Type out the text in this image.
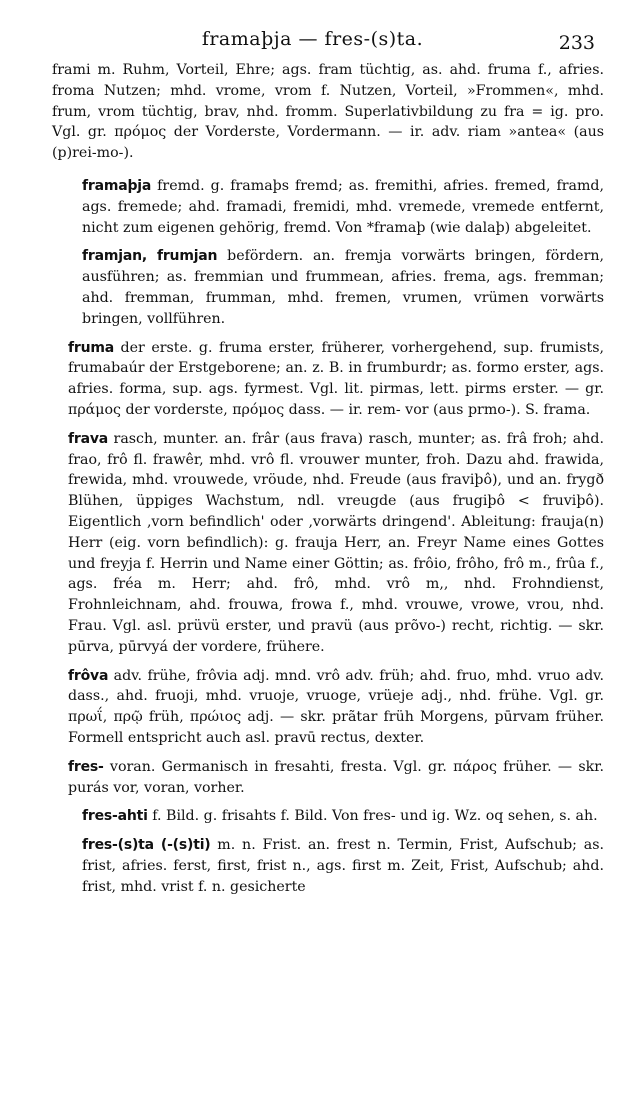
framaþja — fres-(s)ta.	233

frami m. Ruhm, Vorteil, Ehre; ags. fram tüchtig, as. ahd. fruma f., afries. froma Nutzen; mhd. vrome, vrom f. Nutzen, Vorteil, »Frommen«, mhd. frum, vrom tüchtig, brav, nhd. fromm. Superlativbildung zu fra = ig. pro. Vgl. gr. πρόμος der Vorderste, Vordermann. — ir. adv. riam »antea« (aus (p)rei-mo-).

framaþja fremd. g. framaþs fremd; as. fremithi, afries. fremed, framd, ags. fremede; ahd. framadi, fremidi, mhd. vremede, vremede entfernt, nicht zum eigenen gehörig, fremd. Von *framaþ (wie dalaþ) abgeleitet.

framjan, frumjan befördern. an. fremja vorwärts bringen, fördern, ausführen; as. fremmian und frummean, afries. frema, ags. fremman; ahd. fremman, frumman, mhd. fremen, vrumen, vrümen vorwärts bringen, vollführen.

fruma der erste. g. fruma erster, früherer, vorhergehend, sup. frumists, frumabaúr der Erstgeborene; an. z. B. in frumburdr; as. formo erster, ags. afries. forma, sup. ags. fyrmest. Vgl. lit. pirmas, lett. pirms erster. — gr. πράμος der vorderste, πρόμος dass. — ir. rem- vor (aus prmo-). S. frama.

frava rasch, munter. an. frâr (aus frava) rasch, munter; as. frâ froh; ahd. frao, frô fl. frawêr, mhd. vrô fl. vrouwer munter, froh. Dazu ahd. frawida, frewida, mhd. vrouwede, vröude, nhd. Freude (aus fraviþô), und an. frygð Blühen, üppiges Wachstum, ndl. vreugde (aus frugiþô < fruviþô). Eigentlich ‚vorn befindlich' oder ‚vorwärts dringend'. Ableitung: frauja(n) Herr (eig. vorn befindlich): g. frauja Herr, an. Freyr Name eines Gottes und freyja f. Herrin und Name einer Göttin; as. frôio, frôho, frô m., frûa f., ags. fréa m. Herr; ahd. frô, mhd. vrô m,, nhd. Frohndienst, Frohnleichnam, ahd. frouwa, frowa f., mhd. vrouwe, vrowe, vrou, nhd. Frau. Vgl. asl. prüvü erster, und pravü (aus prõvo-) recht, richtig. — skr. pūrva, pūrvyá der vordere, frühere.

frôva adv. frühe, frôvia adj. mnd. vrô adv. früh; ahd. fruo, mhd. vruo adv. dass., ahd. fruoji, mhd. vruoje, vruoge, vrüeje adj., nhd. frühe. Vgl. gr. πρωΐ, πρῷ früh, πρώιος adj. — skr. prãtar früh Morgens, pūrvam früher. Formell entspricht auch asl. pravū rectus, dexter.

fres- voran. Germanisch in fresahti, fresta. Vgl. gr. πάρος früher. — skr. purás vor, voran, vorher.

fres-ahti f. Bild. g. frisahts f. Bild. Von fres- und ig. Wz. oq sehen, s. ah.

fres-(s)ta (-(s)ti) m. n. Frist. an. frest n. Termin, Frist, Aufschub; as. frist, afries. ferst, first, frist n., ags. first m. Zeit, Frist, Aufschub; ahd. frist, mhd. vrist f. n. gesicherte
